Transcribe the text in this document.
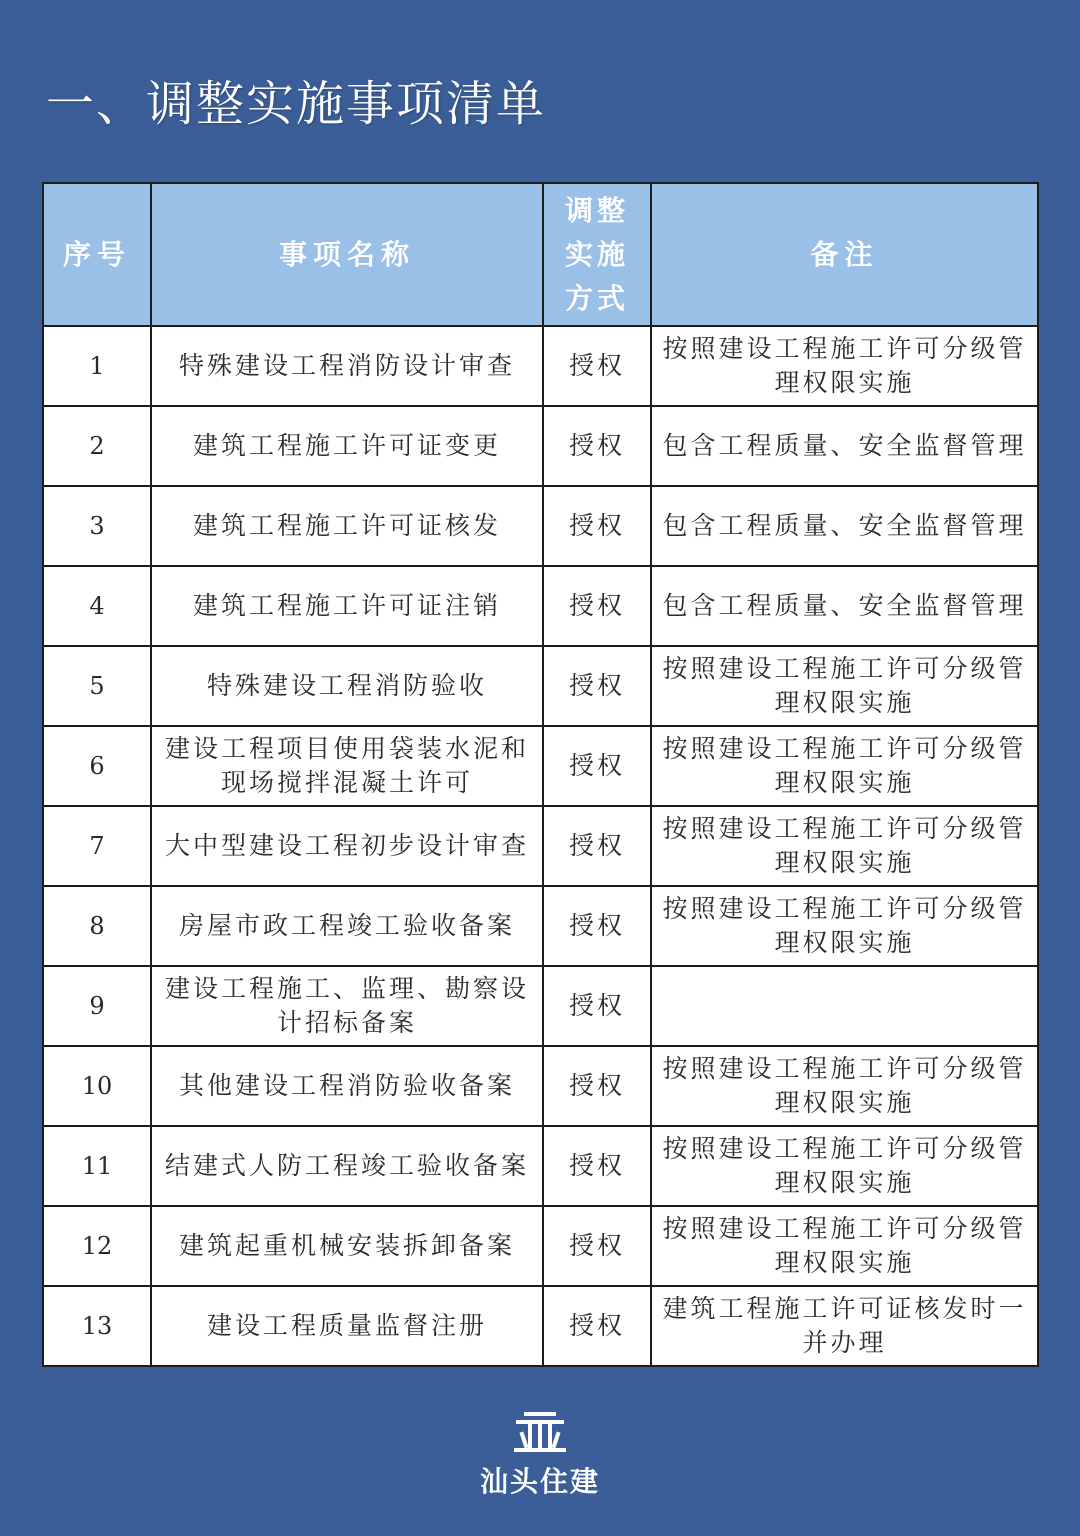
一、调整实施事项清单
序号	事项名称	调整实施方式	备注
1	特殊建设工程消防设计审查	授权	按照建设工程施工许可分级管理权限实施
2	建筑工程施工许可证变更	授权	包含工程质量、安全监督管理
3	建筑工程施工许可证核发	授权	包含工程质量、安全监督管理
4	建筑工程施工许可证注销	授权	包含工程质量、安全监督管理
5	特殊建设工程消防验收	授权	按照建设工程施工许可分级管理权限实施
6	建设工程项目使用袋装水泥和现场搅拌混凝土许可	授权	按照建设工程施工许可分级管理权限实施
7	大中型建设工程初步设计审查	授权	按照建设工程施工许可分级管理权限实施
8	房屋市政工程竣工验收备案	授权	按照建设工程施工许可分级管理权限实施
9	建设工程施工、监理、勘察设计招标备案	授权	
10	其他建设工程消防验收备案	授权	按照建设工程施工许可分级管理权限实施
11	结建式人防工程竣工验收备案	授权	按照建设工程施工许可分级管理权限实施
12	建筑起重机械安装拆卸备案	授权	按照建设工程施工许可分级管理权限实施
13	建设工程质量监督注册	授权	建筑工程施工许可证核发时一并办理
汕头住建
